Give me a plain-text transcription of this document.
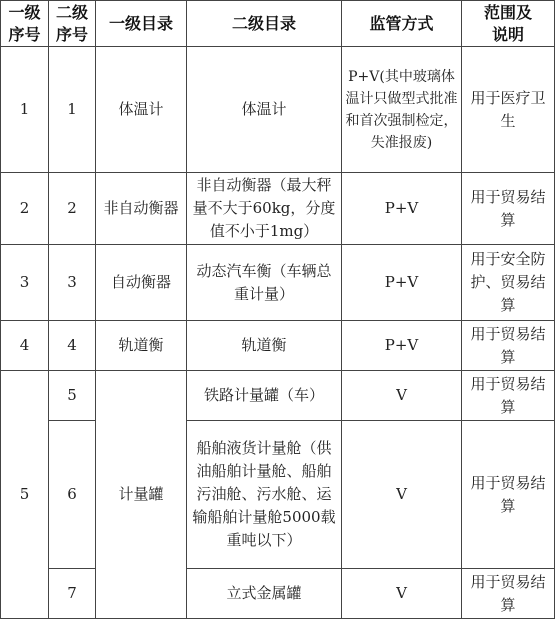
一级序号	二级序号	一级目录	二级目录	监管方式	范围及说明

1	1	体温计	体温计	P+V(其中玻璃体温计只做型式批准和首次强制检定，失准报废)	用于医疗卫生
2	2	非自动衡器	非自动衡器（最大秤量不大于60kg，分度值不小于1mg）	P+V	用于贸易结算
3	3	自动衡器	动态汽车衡（车辆总重计量）	P+V	用于安全防护、贸易结算
4	4	轨道衡	轨道衡	P+V	用于贸易结算
5	5	计量罐	铁路计量罐（车）	V	用于贸易结算
	6		船舶液货计量舱（供油船舶计量舱、船舶污油舱、污水舱、运输船舶计量舱5000载重吨以下）	V	用于贸易结算
	7		立式金属罐	V	用于贸易结算
